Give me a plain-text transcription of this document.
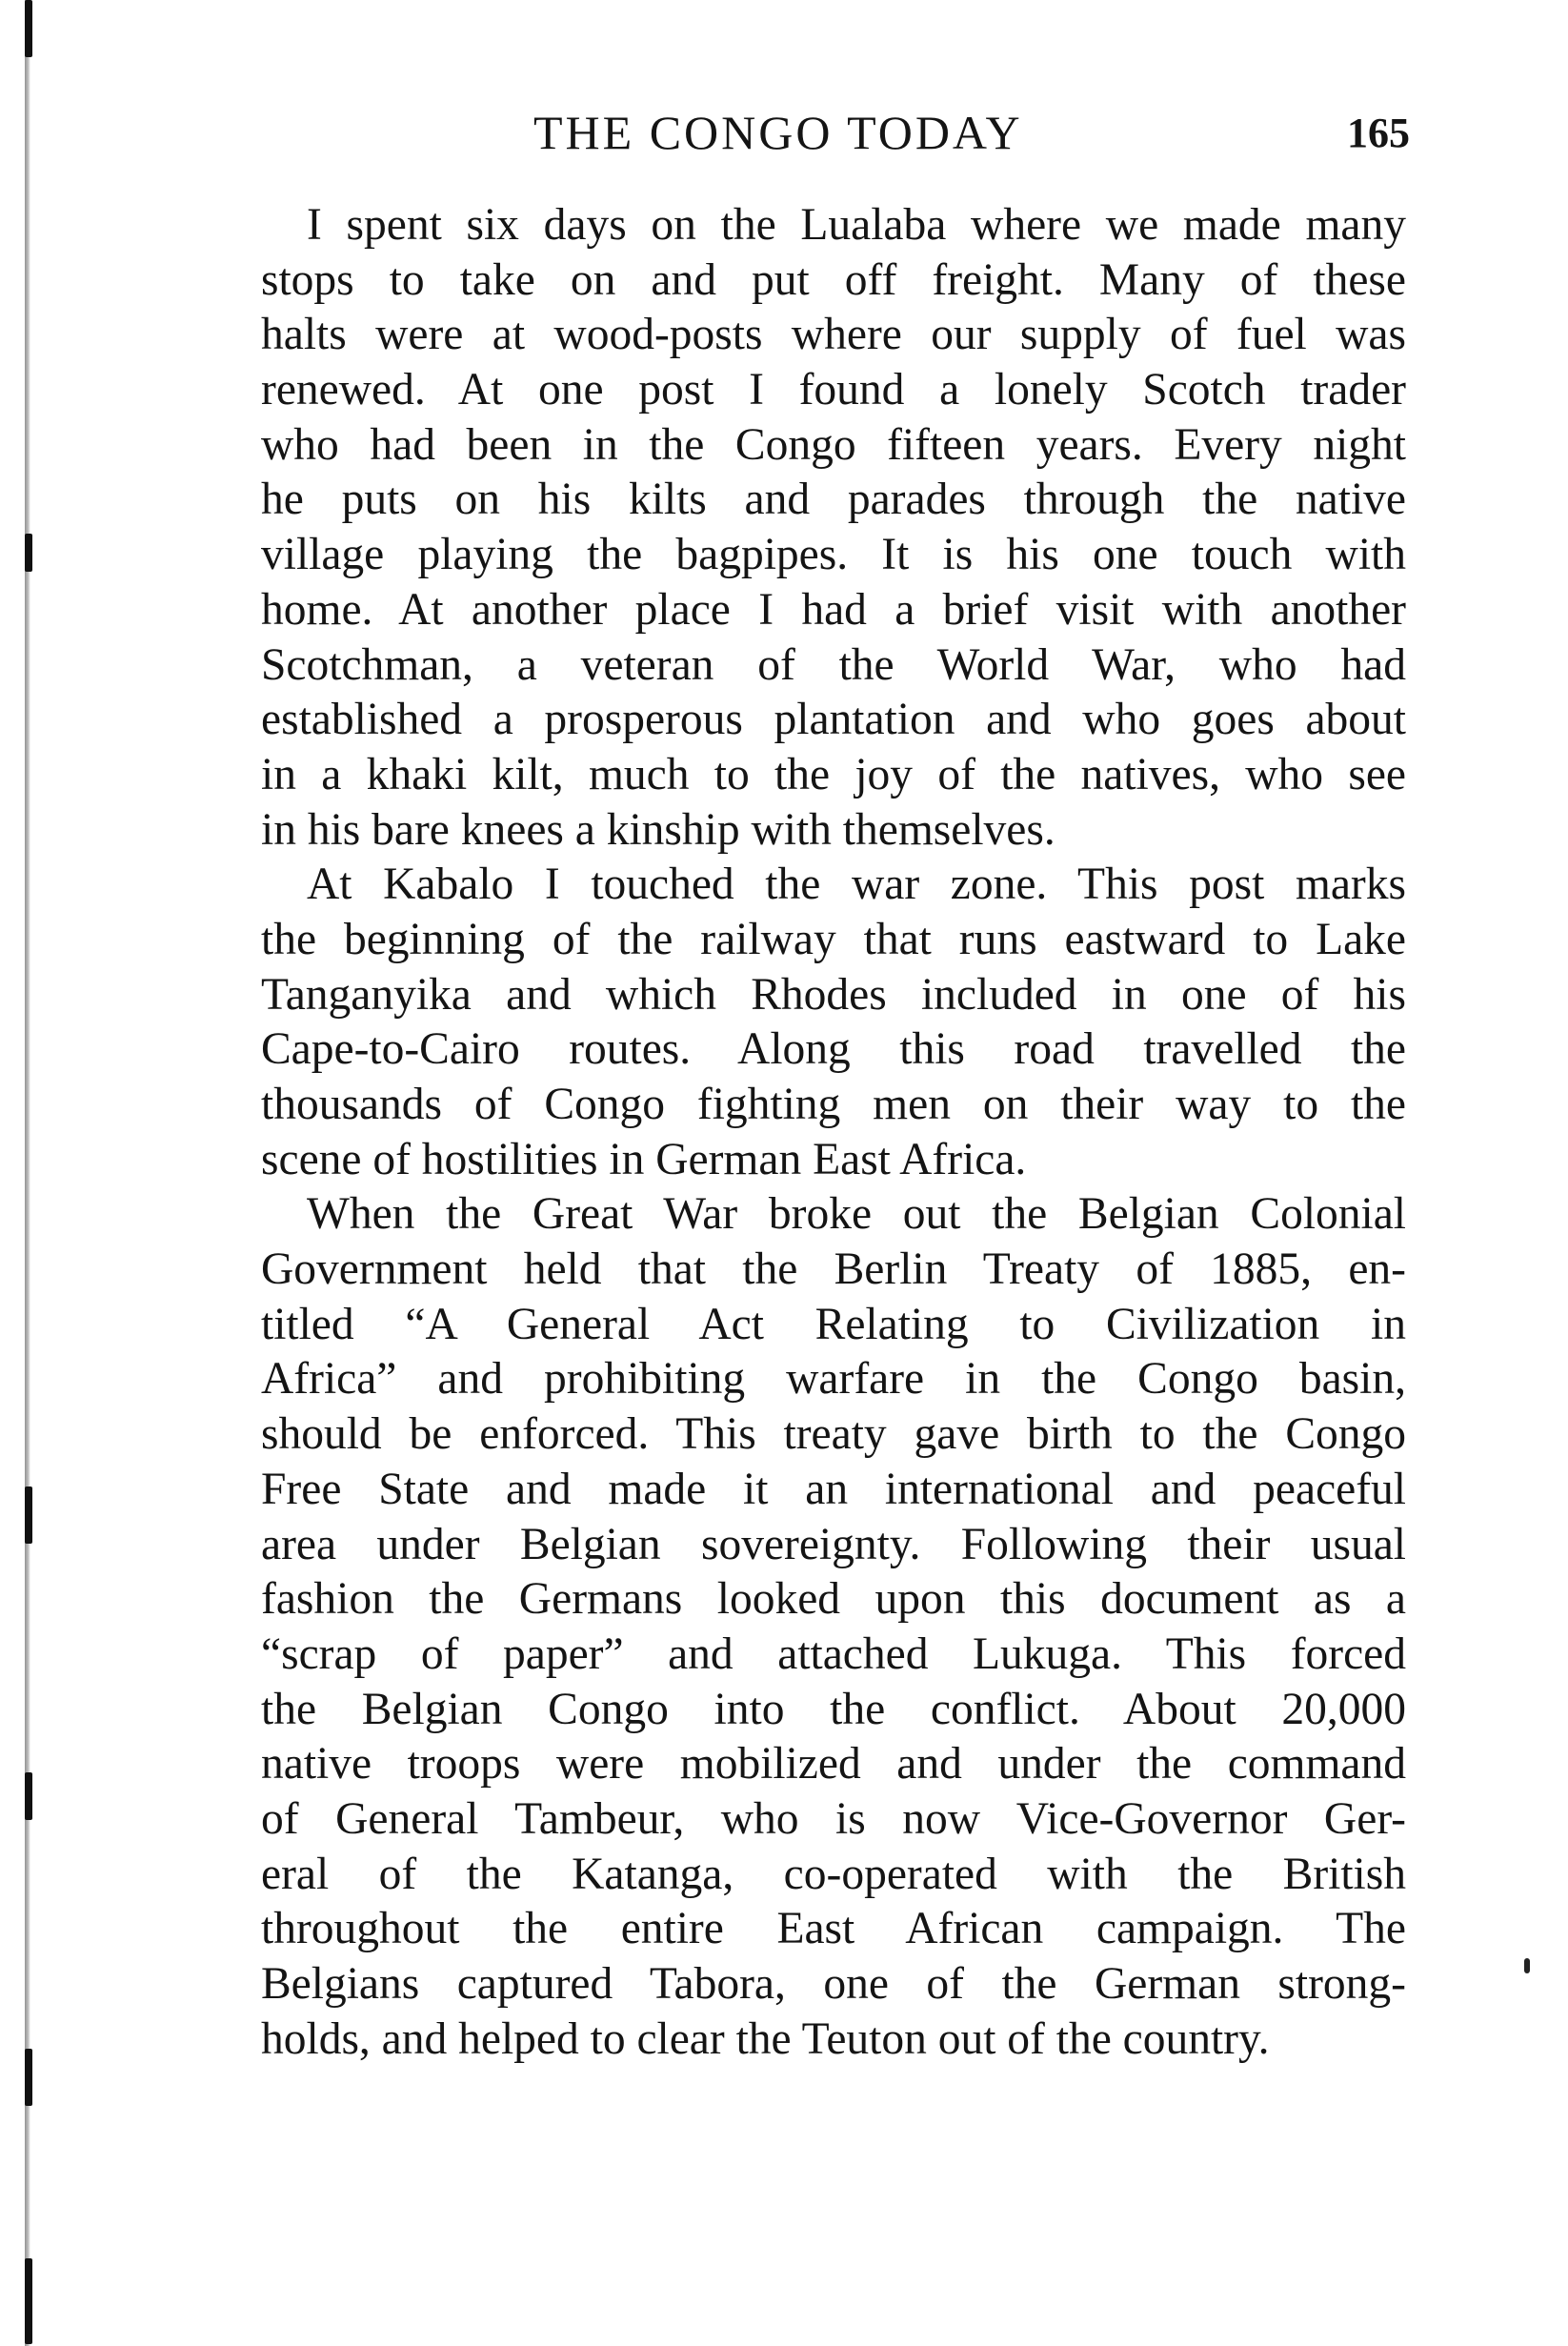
THE CONGO TODAY	165
I spent six days on the Lualaba where we made many
stops to take on and put off freight. Many of these
halts were at wood-posts where our supply of fuel was
renewed. At one post I found a lonely Scotch trader
who had been in the Congo fifteen years. Every night
he puts on his kilts and parades through the native
village playing the bagpipes. It is his one touch with
home. At another place I had a brief visit with another
Scotchman, a veteran of the World War, who had
established a prosperous plantation and who goes about
in a khaki kilt, much to the joy of the natives, who see
in his bare knees a kinship with themselves.
At Kabalo I touched the war zone. This post marks
the beginning of the railway that runs eastward to Lake
Tanganyika and which Rhodes included in one of his
Cape-to-Cairo routes. Along this road travelled the
thousands of Congo fighting men on their way to the
scene of hostilities in German East Africa.
When the Great War broke out the Belgian Colonial
Government held that the Berlin Treaty of 1885, en-
titled “A General Act Relating to Civilization in
Africa” and prohibiting warfare in the Congo basin,
should be enforced. This treaty gave birth to the Congo
Free State and made it an international and peaceful
area under Belgian sovereignty. Following their usual
fashion the Germans looked upon this document as a
“scrap of paper” and attached Lukuga. This forced
the Belgian Congo into the conflict. About 20,000
native troops were mobilized and under the command
of General Tambeur, who is now Vice-Governor Ger-
eral of the Katanga, co-operated with the British
throughout the entire East African campaign. The
Belgians captured Tabora, one of the German strong-
holds, and helped to clear the Teuton out of the country.
